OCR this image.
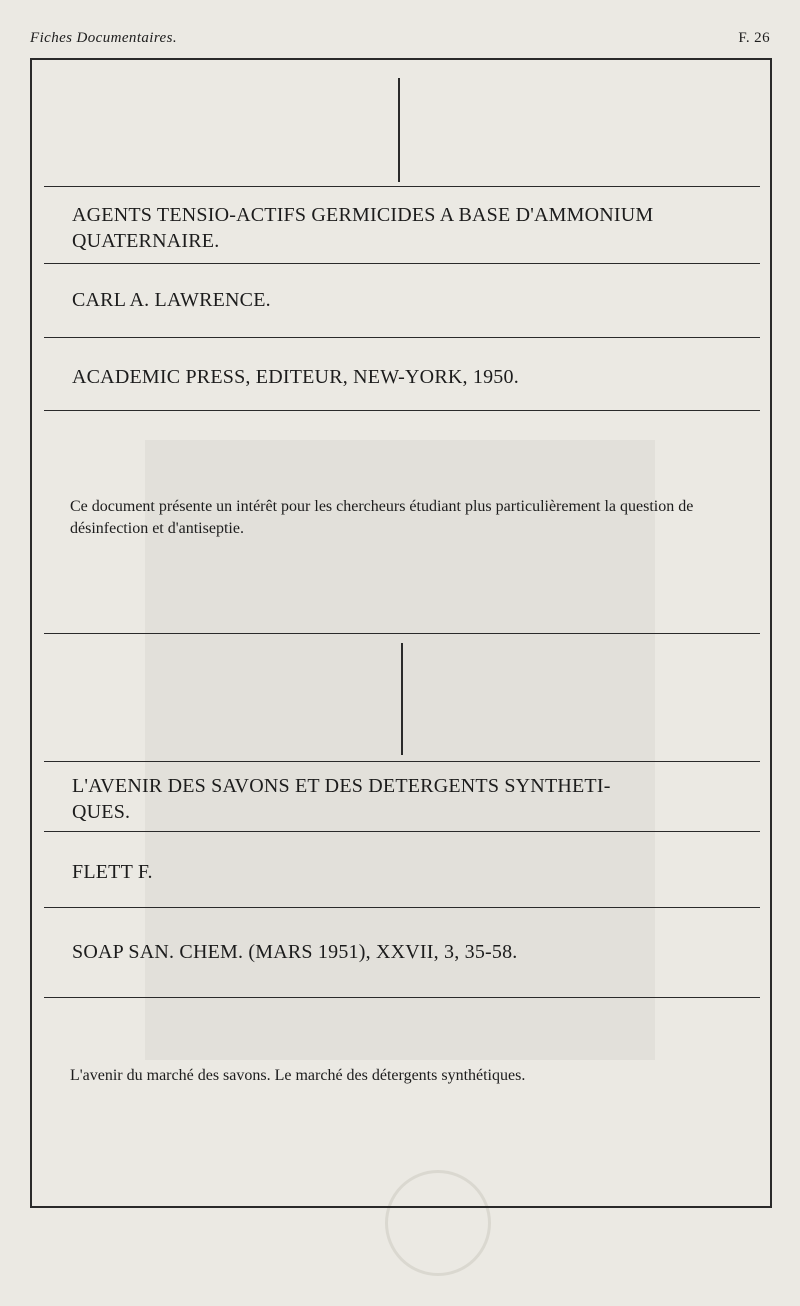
Fiches Documentaires.	F. 26
AGENTS TENSIO-ACTIFS GERMICIDES A BASE D'AMMONIUM
QUATERNAIRE.
CARL A. LAWRENCE.
ACADEMIC PRESS, EDITEUR, NEW-YORK, 1950.
Ce document présente un intérêt pour les chercheurs étudiant plus particulièrement la question de désinfection et d'antiseptie.
L'AVENIR DES SAVONS ET DES DETERGENTS SYNTHETI-
QUES.
FLETT F.
SOAP SAN. CHEM. (MARS 1951), XXVII, 3, 35-58.
L'avenir du marché des savons. Le marché des détergents synthétiques.
